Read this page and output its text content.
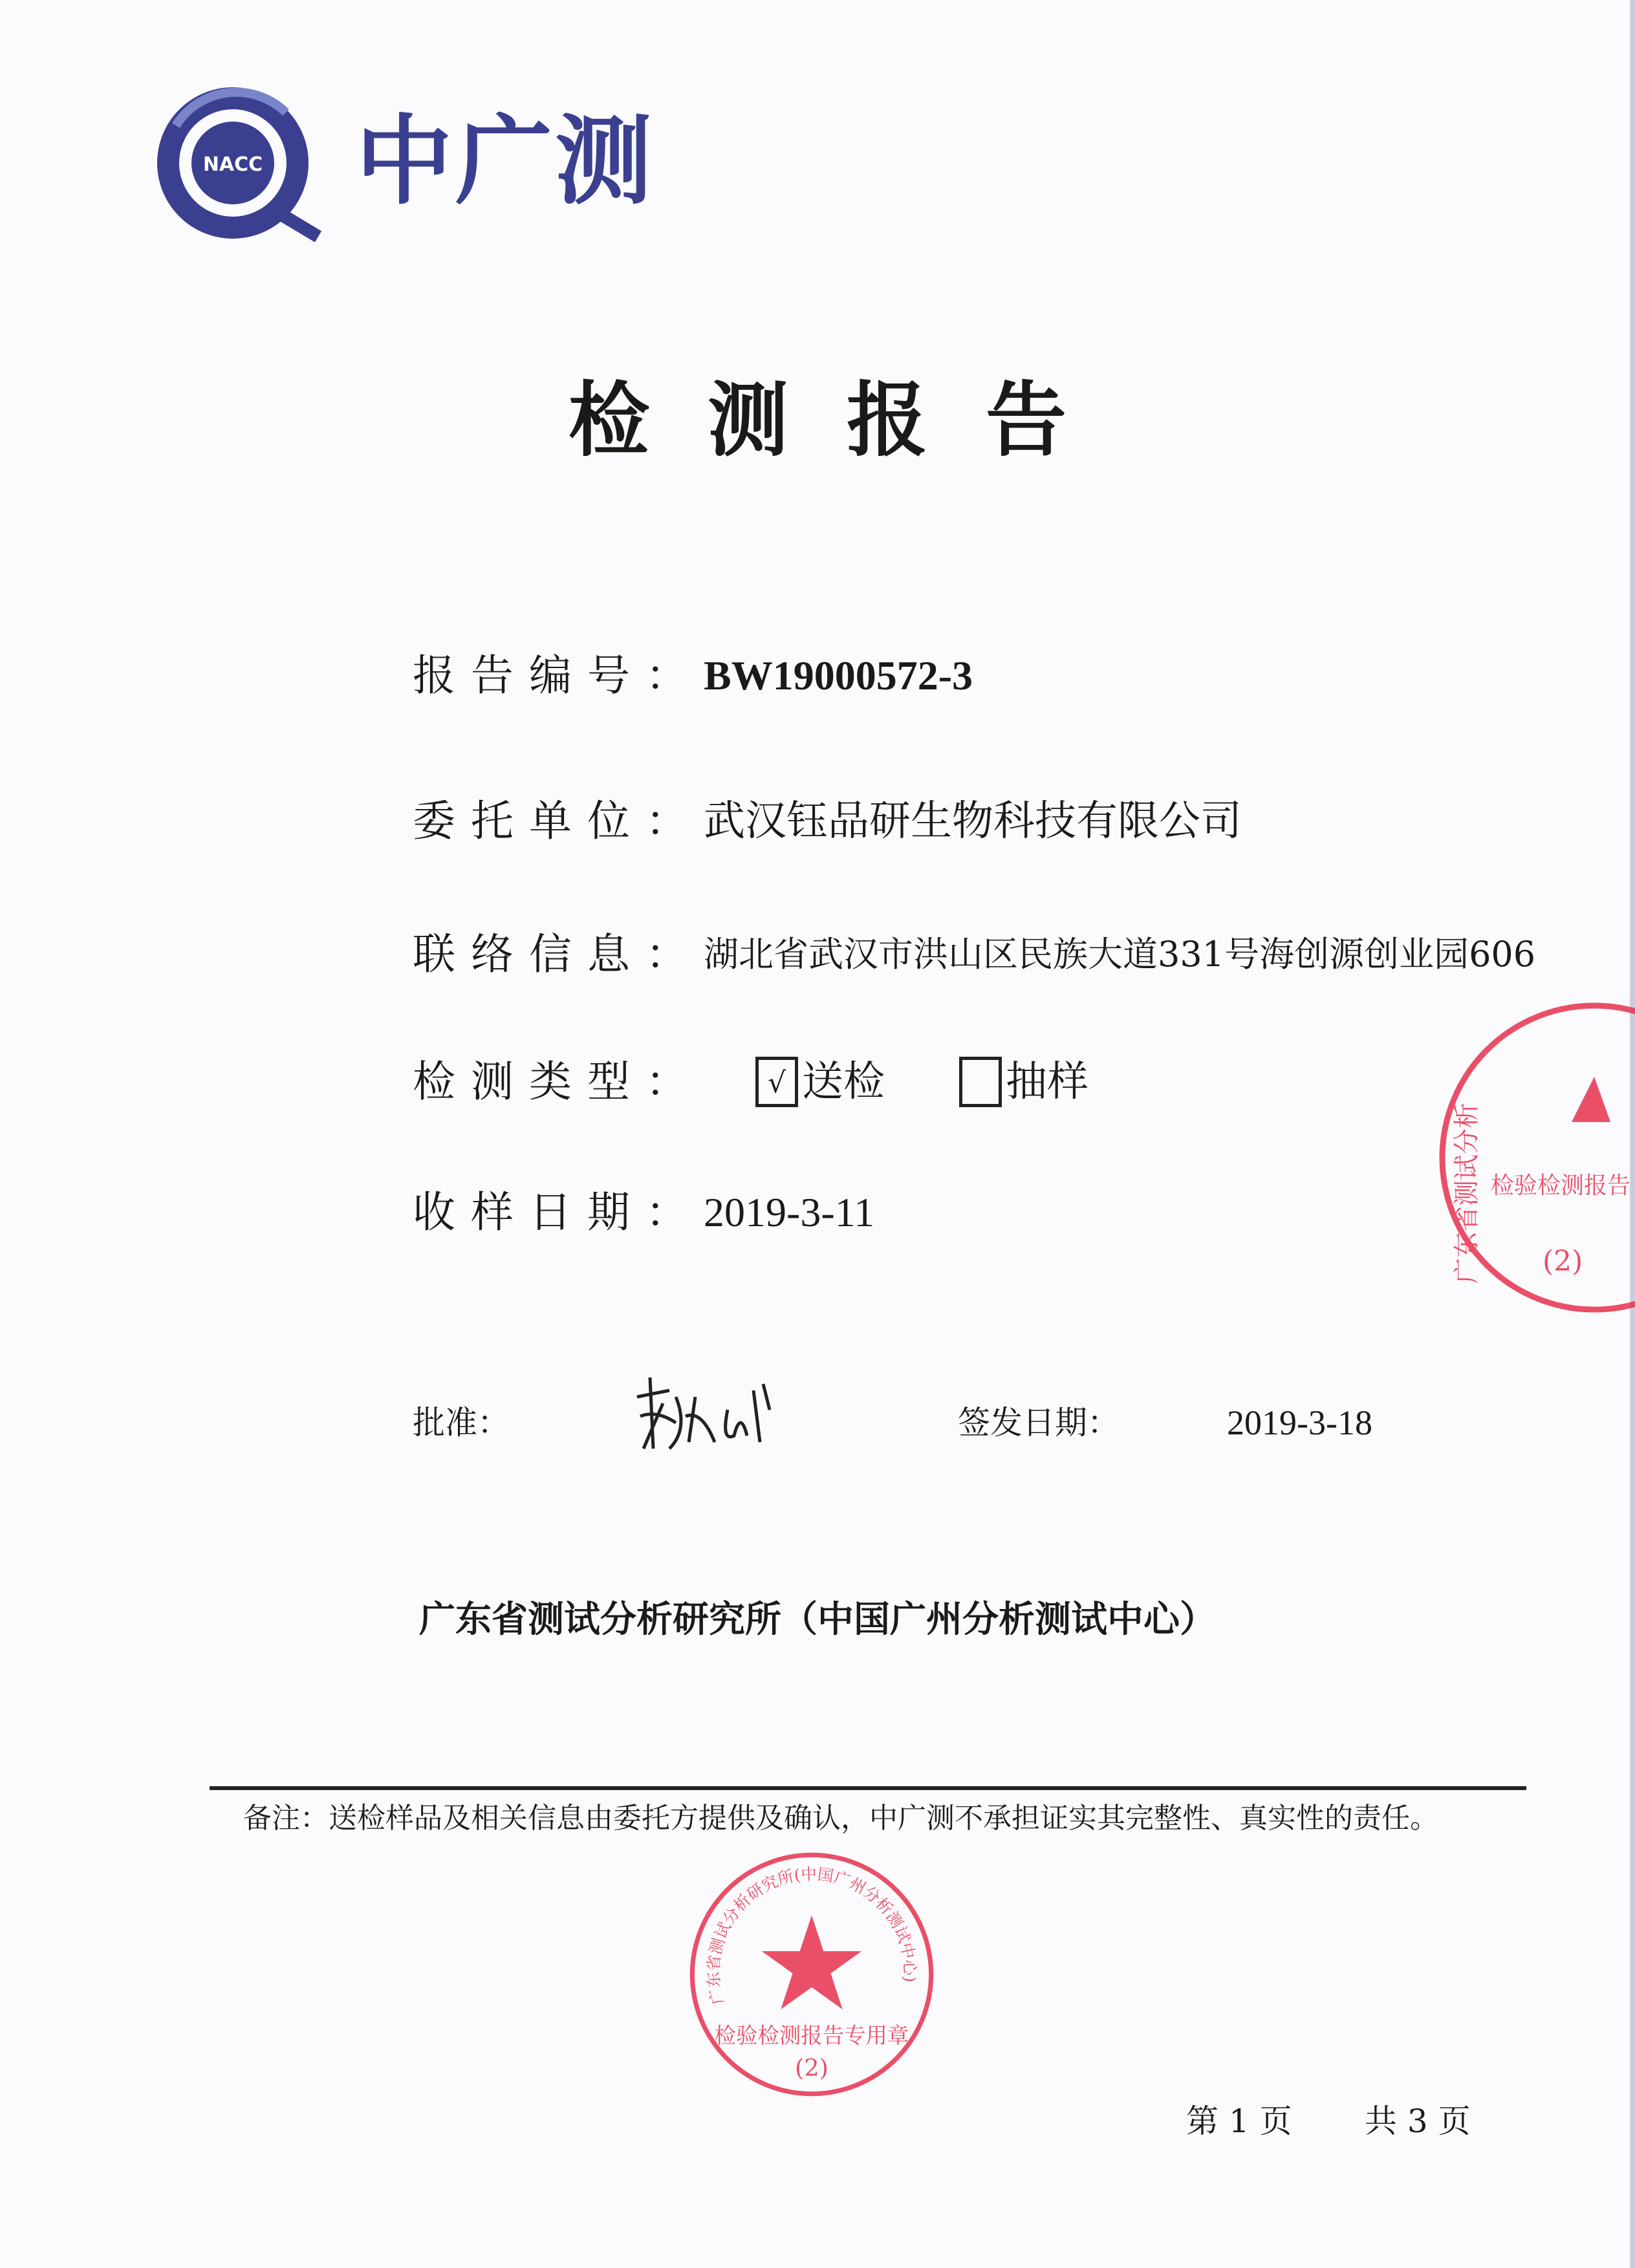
NACC 中广测
检测报告
报告编号： BW19000572-3
委托单位： 武汉钰品研生物科技有限公司
联络信息： 湖北省武汉市洪山区民族大道331号海创源创业园606
检测类型：	√ 送检	抽样
收样日期： 2019-3-11
批准：	签发日期：	2019-3-18
广东省测试分析研究所（中国广州分析测试中心）
广东省测试分析研究所(中国广州分析测试中心)
检验检测报告专用章
(2)
广东省测试分析 检验检测报告
(2)
备注：送检样品及相关信息由委托方提供及确认，中广测不承担证实其完整性、真实性的责任。
第 1 页 共 3 页
